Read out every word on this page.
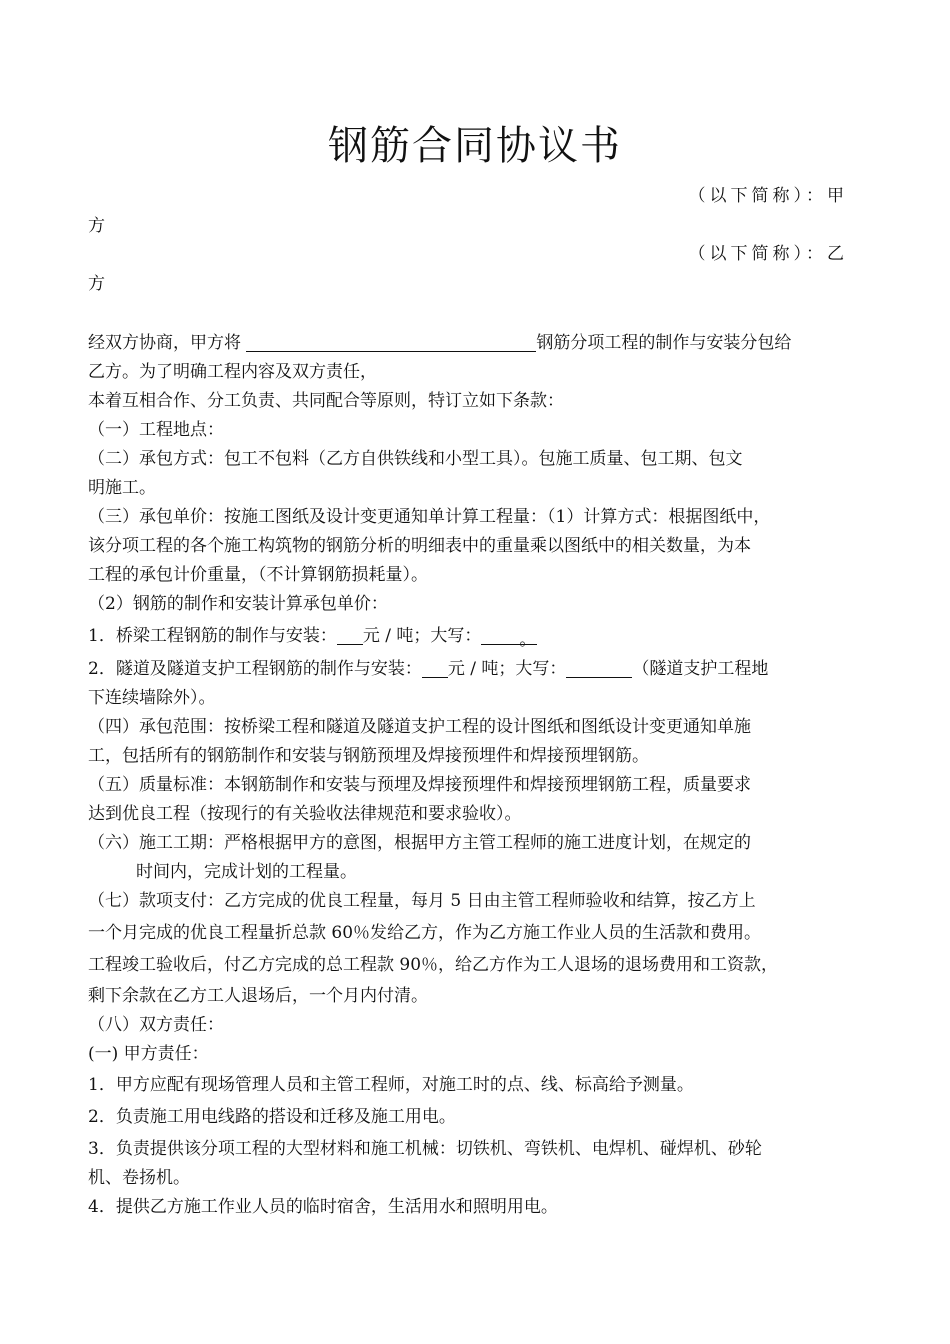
钢筋合同协议书
（以下简称）：甲
方
（以下简称）：乙
方
经双方协商，甲方将	钢筋分项工程的制作与安装分包给
乙方。为了明确工程内容及双方责任，
本着互相合作、分工负责、共同配合等原则，特订立如下条款：
（一）工程地点：
（二）承包方式：包工不包料（乙方自供铁线和小型工具）。包施工质量、包工期、包文
明施工。
（三）承包单价：按施工图纸及设计变更通知单计算工程量：（1）计算方式：根据图纸中，
该分项工程的各个施工构筑物的钢筋分析的明细表中的重量乘以图纸中的相关数量，为本
工程的承包计价重量，（不计算钢筋损耗量）。
（2）钢筋的制作和安装计算承包单价：
1．桥梁工程钢筋的制作与安装： 元 / 吨；大写： 。
2．隧道及隧道支护工程钢筋的制作与安装： 元 / 吨；大写：	（隧道支护工程地
下连续墙除外）。
（四）承包范围：按桥梁工程和隧道及隧道支护工程的设计图纸和图纸设计变更通知单施
工，包括所有的钢筋制作和安装与钢筋预埋及焊接预埋件和焊接预埋钢筋。
（五）质量标准：本钢筋制作和安装与预埋及焊接预埋件和焊接预埋钢筋工程，质量要求
达到优良工程（按现行的有关验收法律规范和要求验收）。
（六）施工工期：严格根据甲方的意图，根据甲方主管工程师的施工进度计划，在规定的
时间内，完成计划的工程量。
（七）款项支付：乙方完成的优良工程量，每月 5 日由主管工程师验收和结算，按乙方上
一个月完成的优良工程量折总款 60％发给乙方，作为乙方施工作业人员的生活款和费用。
工程竣工验收后，付乙方完成的总工程款 90％，给乙方作为工人退场的退场费用和工资款，
剩下余款在乙方工人退场后，一个月内付清。
（八）双方责任：
(一) 甲方责任：
1．甲方应配有现场管理人员和主管工程师，对施工时的点、线、标高给予测量。
2．负责施工用电线路的搭设和迁移及施工用电。
3．负责提供该分项工程的大型材料和施工机械：切铁机、弯铁机、电焊机、碰焊机、砂轮
机、卷扬机。
4．提供乙方施工作业人员的临时宿舍，生活用水和照明用电。
